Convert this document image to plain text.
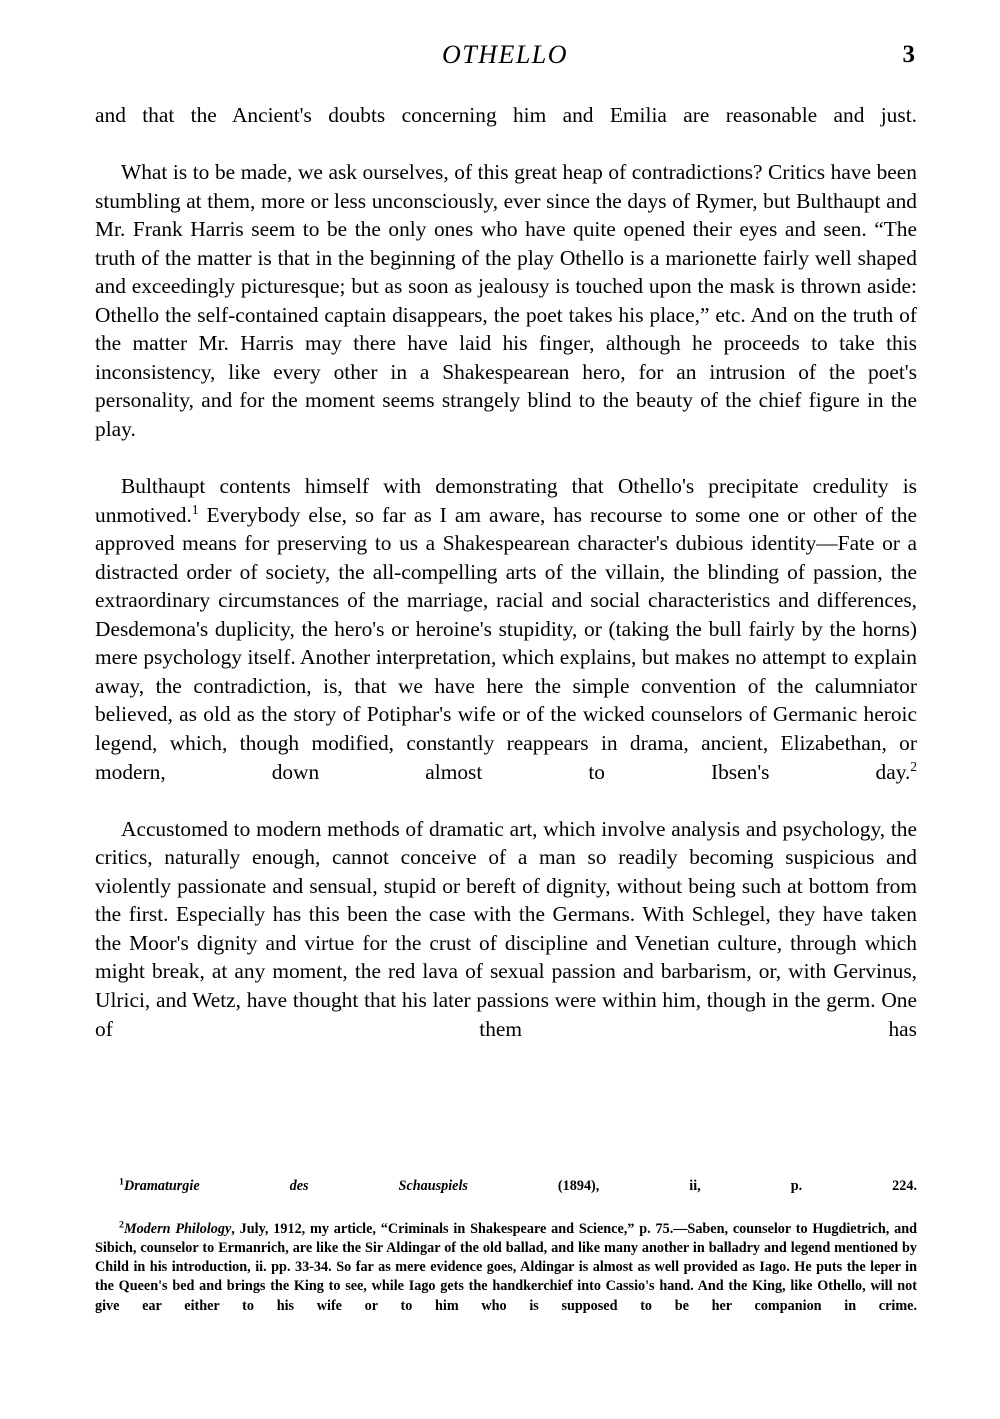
OTHELLO	3

and that the Ancient's doubts concerning him and Emilia are reasonable and just.

What is to be made, we ask ourselves, of this great heap of contradictions? Critics have been stumbling at them, more or less unconsciously, ever since the days of Rymer, but Bulthaupt and Mr. Frank Harris seem to be the only ones who have quite opened their eyes and seen. “The truth of the matter is that in the beginning of the play Othello is a marionette fairly well shaped and exceedingly picturesque; but as soon as jealousy is touched upon the mask is thrown aside: Othello the self-contained captain disappears, the poet takes his place,” etc. And on the truth of the matter Mr. Harris may there have laid his finger, although he proceeds to take this inconsistency, like every other in a Shakespearean hero, for an intrusion of the poet's personality, and for the moment seems strangely blind to the beauty of the chief figure in the play.

Bulthaupt contents himself with demonstrating that Othello's precipitate credulity is unmotived.$^1$ Everybody else, so far as I am aware, has recourse to some one or other of the approved means for preserving to us a Shakespearean character's dubious identity—Fate or a distracted order of society, the all-compelling arts of the villain, the blinding of passion, the extraordinary circumstances of the marriage, racial and social characteristics and differences, Desdemona's duplicity, the hero's or heroine's stupidity, or (taking the bull fairly by the horns) mere psychology itself. Another interpretation, which explains, but makes no attempt to explain away, the contradiction, is, that we have here the simple convention of the calumniator believed, as old as the story of Potiphar's wife or of the wicked counselors of Germanic heroic legend, which, though modified, constantly reappears in drama, ancient, Elizabethan, or modern, down almost to Ibsen's day.$^2$

Accustomed to modern methods of dramatic art, which involve analysis and psychology, the critics, naturally enough, cannot conceive of a man so readily becoming suspicious and violently passionate and sensual, stupid or bereft of dignity, without being such at bottom from the first. Especially has this been the case with the Germans. With Schlegel, they have taken the Moor's dignity and virtue for the crust of discipline and Venetian culture, through which might break, at any moment, the red lava of sexual passion and barbarism, or, with Gervinus, Ulrici, and Wetz, have thought that his later passions were within him, though in the germ. One of them has

$^1$Dramaturgie des Schauspiels (1894), ii, p. 224.

$^2$Modern Philology, July, 1912, my article, “Criminals in Shakespeare and Science,” p. 75.—Saben, counselor to Hugdietrich, and Sibich, counselor to Ermanrich, are like the Sir Aldingar of the old ballad, and like many another in balladry and legend mentioned by Child in his introduction, ii. pp. 33-34. So far as mere evidence goes, Aldingar is almost as well provided as Iago. He puts the leper in the Queen's bed and brings the King to see, while Iago gets the handkerchief into Cassio's hand. And the King, like Othello, will not give ear either to his wife or to him who is supposed to be her companion in crime.
